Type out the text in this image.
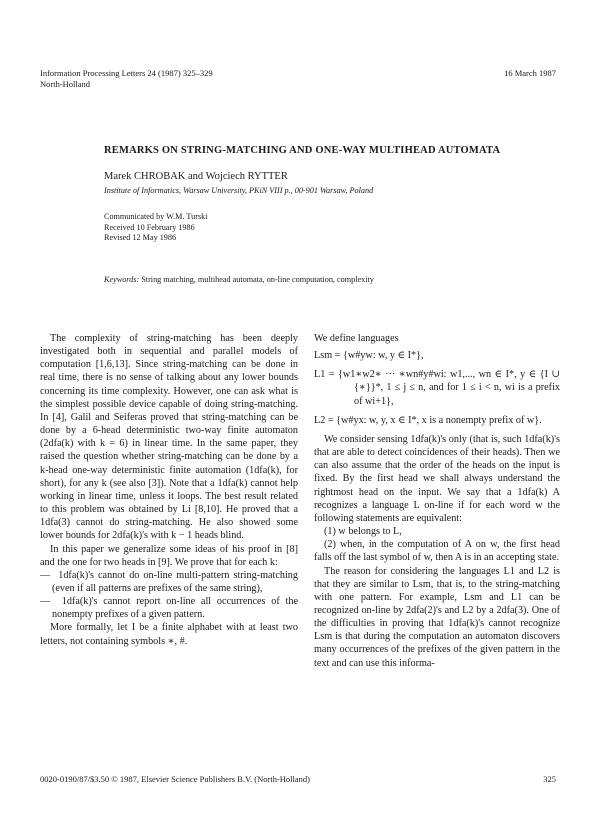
Information Processing Letters 24 (1987) 325–329
North-Holland
16 March 1987
REMARKS ON STRING-MATCHING AND ONE-WAY MULTIHEAD AUTOMATA
Marek CHROBAK and Wojciech RYTTER
Institute of Informatics, Warsaw University, PKiN VIII p., 00-901 Warsaw, Poland
Communicated by W.M. Turski
Received 10 February 1986
Revised 12 May 1986
Keywords: String matching, multihead automata, on-line computation, complexity

The complexity of string-matching has been deeply investigated both in sequential and parallel models of computation [1,6,13]. Since string-matching can be done in real time, there is no sense of talking about any lower bounds concerning its time complexity. However, one can ask what is the simplest possible device capable of doing string-matching. In [4], Galil and Seiferas proved that string-matching can be done by a 6-head deterministic two-way finite automaton (2dfa(k) with k = 6) in linear time. In the same paper, they raised the question whether string-matching can be done by a k-head one-way deterministic finite automation (1dfa(k), for short), for any k (see also [3]). Note that a 1dfa(k) cannot help working in linear time, unless it loops. The best result related to this problem was obtained by Li [8,10]. He proved that a 1dfa(3) cannot do string-matching. He also showed some lower bounds for 2dfa(k)'s with k − 1 heads blind.

In this paper we generalize some ideas of his proof in [8] and the one for two heads in [9]. We prove that for each k:

— 1dfa(k)'s cannot do on-line multi-pattern string-matching (even if all patterns are prefixes of the same string),

— 1dfa(k)'s cannot report on-line all occurrences of the nonempty prefixes of a given pattern.

More formally, let I be a finite alphabet with at least two letters, not containing symbols ∗, #.

We define languages

Lsm = {w#yw: w, y ∈ I*},

L1 = {w1∗w2∗ ··· ∗wn#y#wi: w1,..., wn ∈ I*, y ∈ {I ∪ {∗}}*, 1 ≤ j ≤ n, and for 1 ≤ i < n, wi is a prefix of wi+1},

L2 = {w#yx: w, y, x ∈ I*, x is a nonempty prefix of w}.

We consider sensing 1dfa(k)'s only (that is, such 1dfa(k)'s that are able to detect coincidences of their heads). Then we can also assume that the order of the heads on the input is fixed. By the first head we shall always understand the rightmost head on the input. We say that a 1dfa(k) A recognizes a language L on-line if for each word w the following statements are equivalent:

(1) w belongs to L,

(2) when, in the computation of A on w, the first head falls off the last symbol of w, then A is in an accepting state.

The reason for considering the languages L1 and L2 is that they are similar to Lsm, that is, to the string-matching with one pattern. For example, Lsm and L1 can be recognized on-line by 2dfa(2)'s and L2 by a 2dfa(3). One of the difficulties in proving that 1dfa(k)'s cannot recognize Lsm is that during the computation an automaton discovers many occurrences of the prefixes of the given pattern in the text and can use this informa-

0020-0190/87/$3.50 © 1987, Elsevier Science Publishers B.V. (North-Holland)	325
